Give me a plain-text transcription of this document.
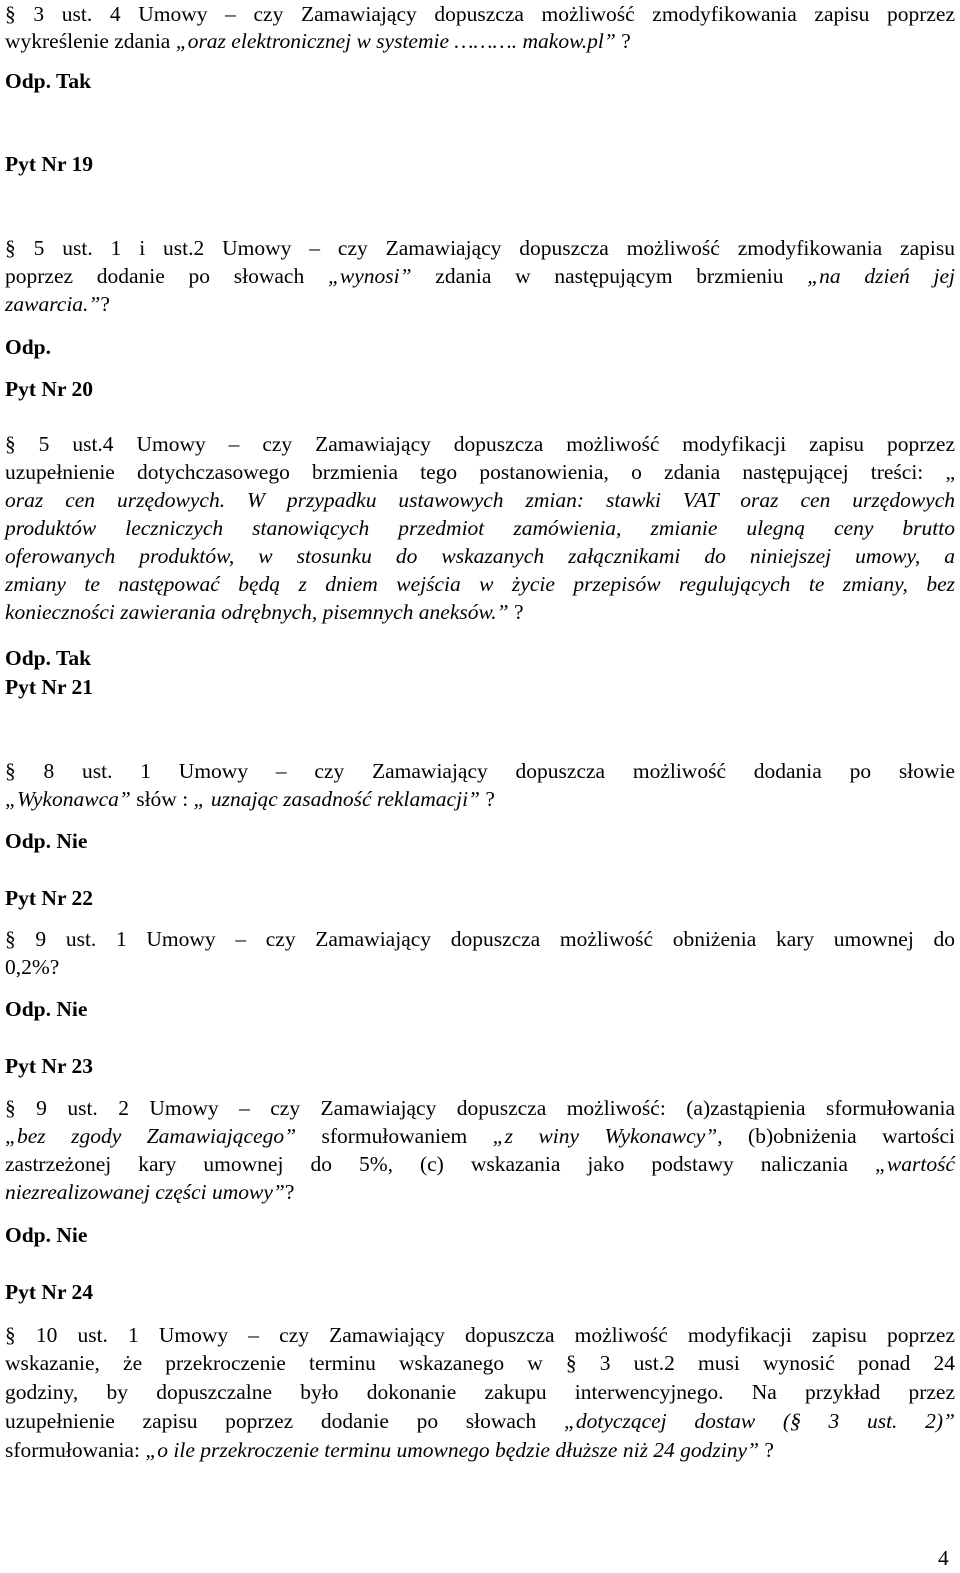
§ 3 ust. 4 Umowy – czy Zamawiający dopuszcza możliwość zmodyfikowania zapisu poprzez
wykreślenie zdania „oraz elektronicznej w systemie ………. makow.pl” ?
Odp. Tak
Pyt Nr 19
§ 5 ust. 1 i ust.2 Umowy – czy Zamawiający dopuszcza możliwość zmodyfikowania zapisu
poprzez dodanie po słowach „wynosi” zdania w następującym brzmieniu „na dzień jej
zawarcia.”?
Odp.
Pyt Nr 20
§ 5 ust.4 Umowy – czy Zamawiający dopuszcza możliwość modyfikacji zapisu poprzez
uzupełnienie dotychczasowego brzmienia tego postanowienia, o zdania następującej treści: „
oraz cen urzędowych. W przypadku ustawowych zmian: stawki VAT oraz cen urzędowych
produktów leczniczych stanowiących przedmiot zamówienia, zmianie ulegną ceny brutto
oferowanych produktów, w stosunku do wskazanych załącznikami do niniejszej umowy, a
zmiany te następować będą z dniem wejścia w życie przepisów regulujących te zmiany, bez
konieczności zawierania odrębnych, pisemnych aneksów.” ?
Odp. Tak
Pyt Nr 21
§ 8 ust. 1 Umowy – czy Zamawiający dopuszcza możliwość dodania po słowie
„Wykonawca” słów : „ uznając zasadność reklamacji” ?
Odp. Nie
Pyt Nr 22
§ 9 ust. 1 Umowy – czy Zamawiający dopuszcza możliwość obniżenia kary umownej do
0,2%?
Odp. Nie
Pyt Nr 23
§ 9 ust. 2 Umowy – czy Zamawiający dopuszcza możliwość: (a)zastąpienia sformułowania
„bez zgody Zamawiającego” sformułowaniem „z winy Wykonawcy”, (b)obniżenia wartości
zastrzeżonej kary umownej do 5%, (c) wskazania jako podstawy naliczania „wartość
niezrealizowanej części umowy”?
Odp. Nie
Pyt Nr 24
§ 10 ust. 1 Umowy – czy Zamawiający dopuszcza możliwość modyfikacji zapisu poprzez
wskazanie, że przekroczenie terminu wskazanego w § 3 ust.2 musi wynosić ponad 24
godziny, by dopuszczalne było dokonanie zakupu interwencyjnego. Na przykład przez
uzupełnienie zapisu poprzez dodanie po słowach „dotyczącej dostaw (§ 3 ust. 2)”
sformułowania: „o ile przekroczenie terminu umownego będzie dłuższe niż 24 godziny” ?
4
